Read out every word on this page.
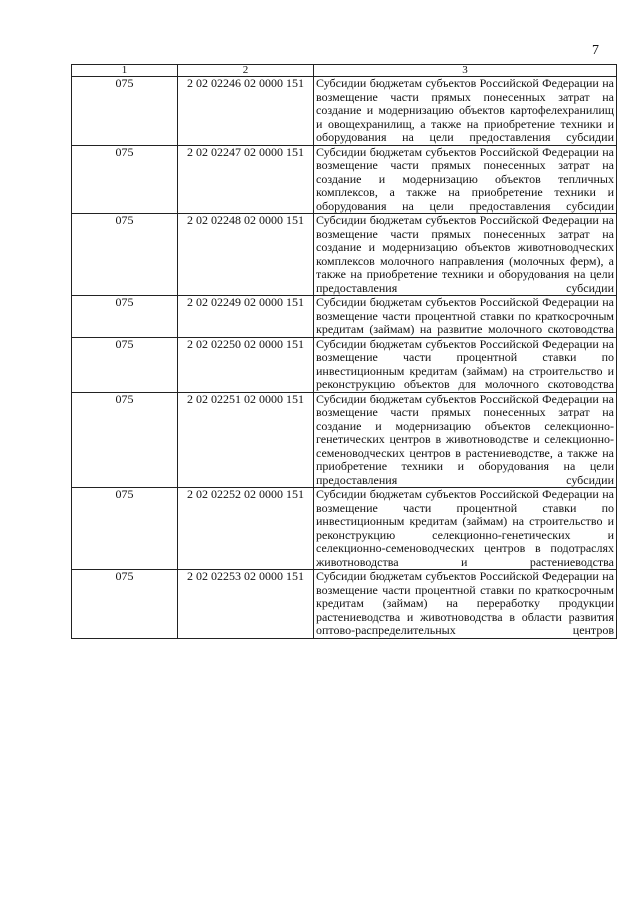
7
1	2	3
075	2 02 02246 02 0000 151	Субсидии бюджетам субъектов Российской Федерации на возмещение части прямых понесенных затрат на создание и модернизацию объектов картофелехранилищ и овощехранилищ, а также на приобретение техники и оборудования на цели предоставления субсидии
075	2 02 02247 02 0000 151	Субсидии бюджетам субъектов Российской Федерации на возмещение части прямых понесенных затрат на создание и модернизацию объектов тепличных комплексов, а также на приобретение техники и оборудования на цели предоставления субсидии
075	2 02 02248 02 0000 151	Субсидии бюджетам субъектов Российской Федерации на возмещение части прямых понесенных затрат на создание и модернизацию объектов животноводческих комплексов молочного направления (молочных ферм), а также на приобретение техники и оборудования на цели предоставления субсидии
075	2 02 02249 02 0000 151	Субсидии бюджетам субъектов Российской Федерации на возмещение части процентной ставки по краткосрочным кредитам (займам) на развитие молочного скотоводства
075	2 02 02250 02 0000 151	Субсидии бюджетам субъектов Российской Федерации на возмещение части процентной ставки по инвестиционным кредитам (займам) на строительство и реконструкцию объектов для молочного скотоводства
075	2 02 02251 02 0000 151	Субсидии бюджетам субъектов Российской Федерации на возмещение части прямых понесенных затрат на создание и модернизацию объектов селекционно-генетических центров в животноводстве и селекционно-семеноводческих центров в растениеводстве, а также на приобретение техники и оборудования на цели предоставления субсидии
075	2 02 02252 02 0000 151	Субсидии бюджетам субъектов Российской Федерации на возмещение части процентной ставки по инвестиционным кредитам (займам) на строительство и реконструкцию селекционно-генетических и селекционно-семеноводческих центров в подотраслях животноводства и растениеводства
075	2 02 02253 02 0000 151	Субсидии бюджетам субъектов Российской Федерации на возмещение части процентной ставки по краткосрочным кредитам (займам) на переработку продукции растениеводства и животноводства в области развития оптово-распределительных центров
